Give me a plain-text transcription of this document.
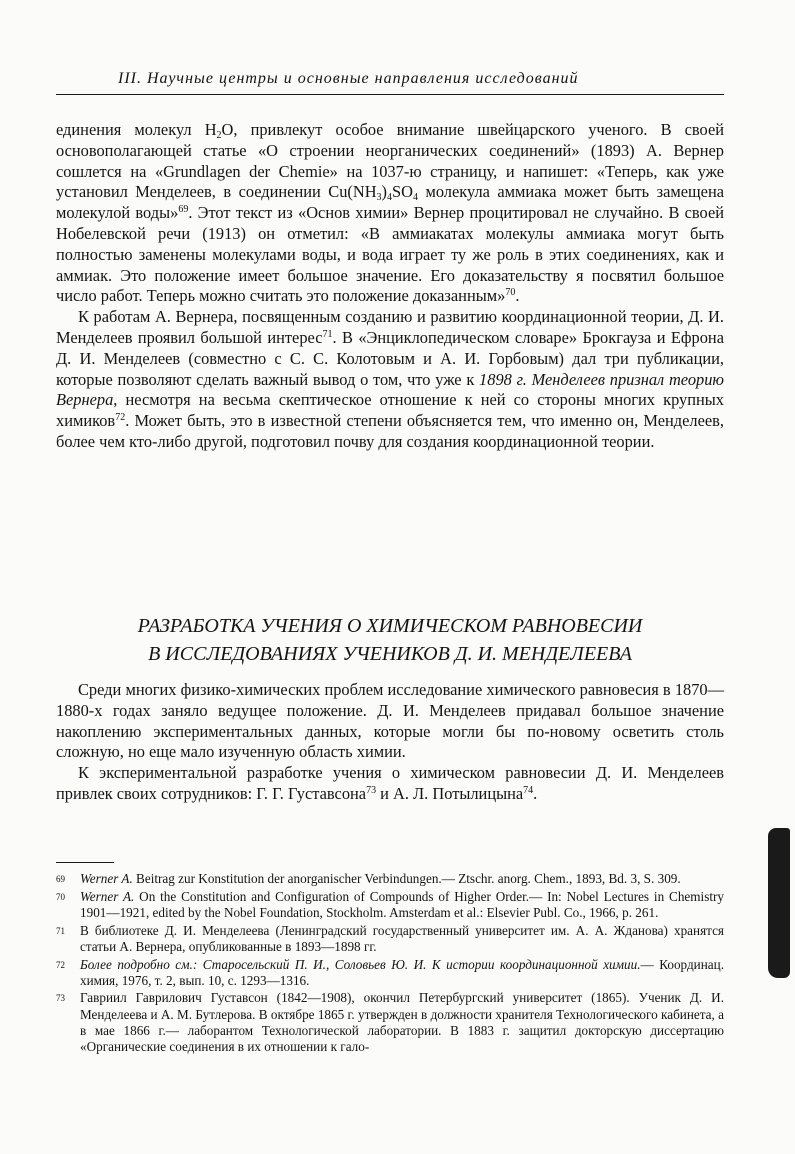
III. Научные центры и основные направления исследований

единения молекул $H_2O$, привлекут особое внимание швейцарского ученого. В своей основополагающей статье «О строении неорганических соединений» (1893) А. Вернер сошлется на «Grundlagen der Chemie» на 1037-ю страницу, и напишет: «Теперь, как уже установил Менделеев, в соединении $Cu(NH_3)_4SO_4$ молекула аммиака может быть замещена молекулой воды»$^{69}$. Этот текст из «Основ химии» Вернер процитировал не случайно. В своей Нобелевской речи (1913) он отметил: «В аммиакатах молекулы аммиака могут быть полностью заменены молекулами воды, и вода играет ту же роль в этих соединениях, как и аммиак. Это положение имеет большое значение. Его доказательству я посвятил большое число работ. Теперь можно считать это положение доказанным»$^{70}$.

К работам А. Вернера, посвященным созданию и развитию координационной теории, Д. И. Менделеев проявил большой интерес$^{71}$. В «Энциклопедическом словаре» Брокгауза и Ефрона Д. И. Менделеев (совместно с С. С. Колотовым и А. И. Горбовым) дал три публикации, которые позволяют сделать важный вывод о том, что уже к 1898 г. Менделеев признал теорию Вернера, несмотря на весьма скептическое отношение к ней со стороны многих крупных химиков$^{72}$. Может быть, это в известной степени объясняется тем, что именно он, Менделеев, более чем кто-либо другой, подготовил почву для создания координационной теории.

РАЗРАБОТКА УЧЕНИЯ О ХИМИЧЕСКОМ РАВНОВЕСИИ
В ИССЛЕДОВАНИЯХ УЧЕНИКОВ Д. И. МЕНДЕЛЕЕВА

Среди многих физико-химических проблем исследование химического равновесия в 1870—1880-х годах заняло ведущее положение. Д. И. Менделеев придавал большое значение накоплению экспериментальных данных, которые могли бы по-новому осветить столь сложную, но еще мало изученную область химии.

К экспериментальной разработке учения о химическом равновесии Д. И. Менделеев привлек своих сотрудников: Г. Г. Густавсона$^{73}$ и А. Л. Потылицына$^{74}$.

69 Werner A. Beitrag zur Konstitution der anorganischer Verbindungen.— Ztschr. anorg. Chem., 1893, Bd. 3, S. 309.
70 Werner A. On the Constitution and Configuration of Compounds of Higher Order.— In: Nobel Lectures in Chemistry 1901—1921, edited by the Nobel Foundation, Stockholm. Amsterdam et al.: Elsevier Publ. Co., 1966, p. 261.
71 В библиотеке Д. И. Менделеева (Ленинградский государственный университет им. А. А. Жданова) хранятся статьи А. Вернера, опубликованные в 1893—1898 гг.
72 Более подробно см.: Старосельский П. И., Соловьев Ю. И. К истории координационной химии.— Координац. химия, 1976, т. 2, вып. 10, с. 1293—1316.
73 Гавриил Гаврилович Густавсон (1842—1908), окончил Петербургский университет (1865). Ученик Д. И. Менделеева и А. М. Бутлерова. В октябре 1865 г. утвержден в должности хранителя Технологического кабинета, а в мае 1866 г.— лаборантом Технологической лаборатории. В 1883 г. защитил докторскую диссертацию «Органические соединения в их отношении к гало-
